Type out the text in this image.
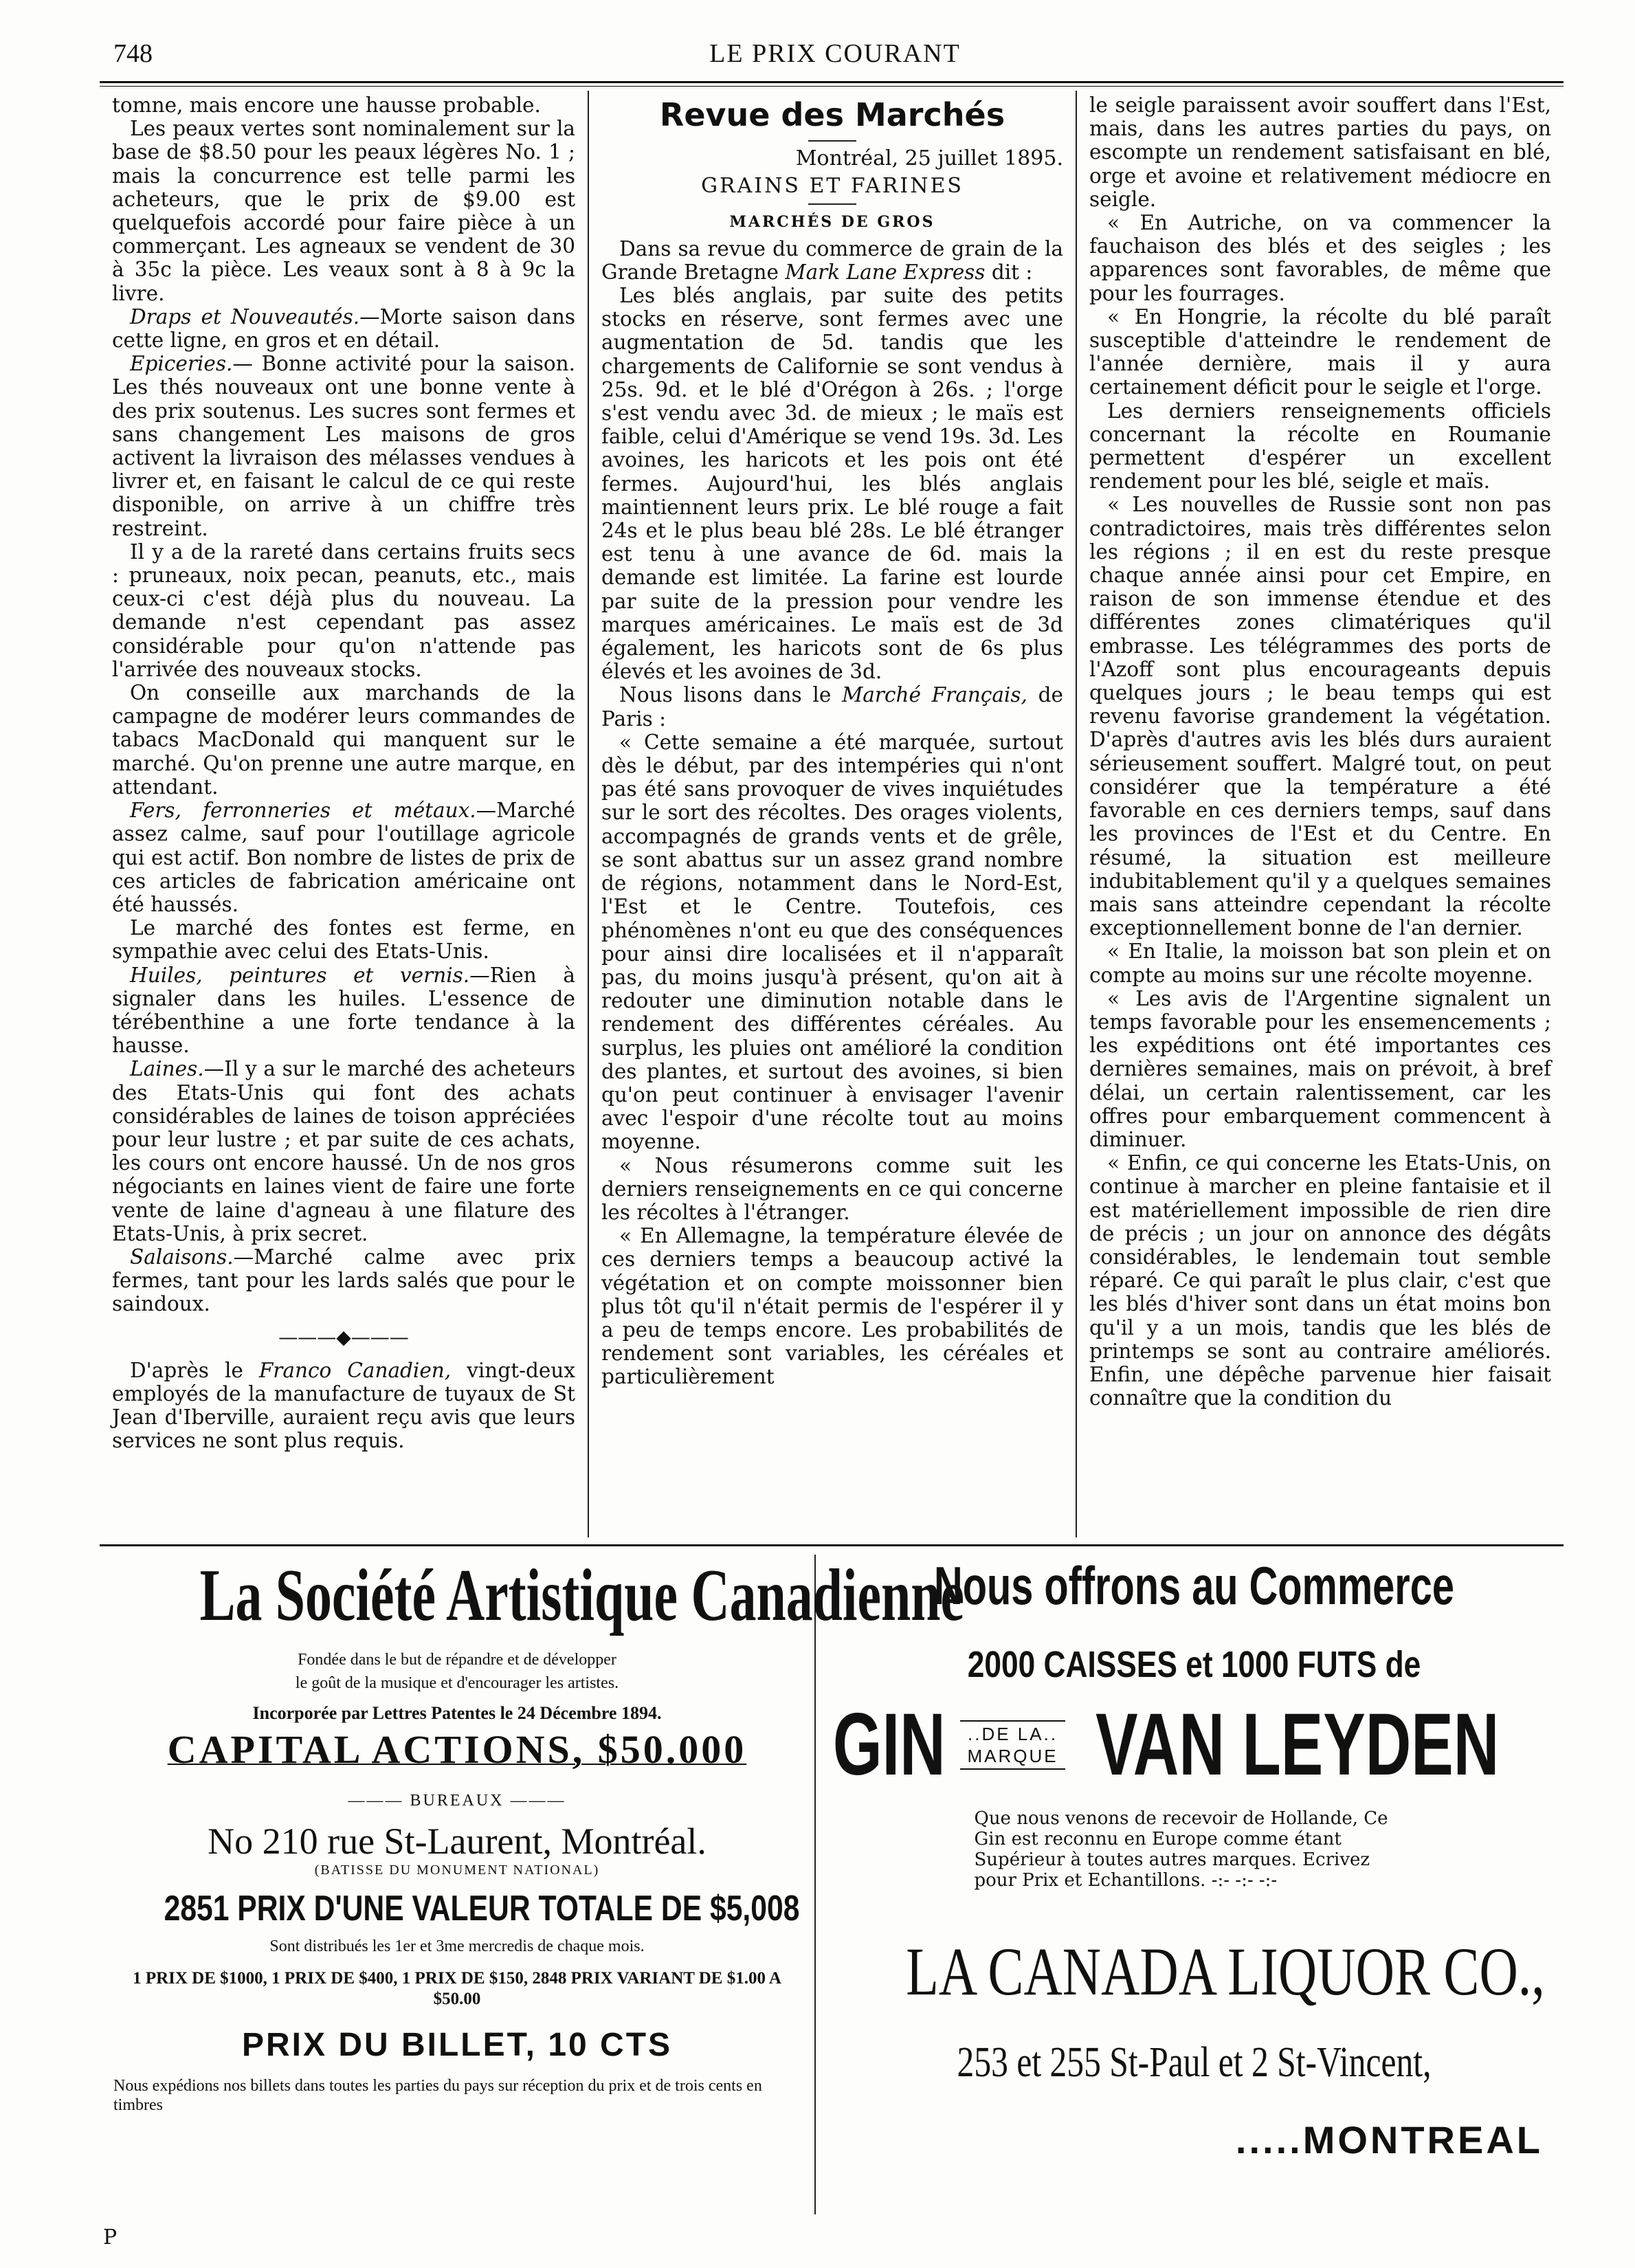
748	LE PRIX COURANT

tomne, mais encore une hausse probable.

Les peaux vertes sont nominalement sur la base de $8.50 pour les peaux légères No. 1 ; mais la concurrence est telle parmi les acheteurs, que le prix de $9.00 est quelquefois accordé pour faire pièce à un commerçant. Les agneaux se vendent de 30 à 35c la pièce. Les veaux sont à 8 à 9c la livre.

Draps et Nouveautés.—Morte saison dans cette ligne, en gros et en détail.

Epiceries.— Bonne activité pour la saison. Les thés nouveaux ont une bonne vente à des prix soutenus. Les sucres sont fermes et sans changement Les maisons de gros activent la livraison des mélasses vendues à livrer et, en faisant le calcul de ce qui reste disponible, on arrive à un chiffre très restreint.

Il y a de la rareté dans certains fruits secs : pruneaux, noix pecan, peanuts, etc., mais ceux-ci c'est déjà plus du nouveau. La demande n'est cependant pas assez considérable pour qu'on n'attende pas l'arrivée des nouveaux stocks.

On conseille aux marchands de la campagne de modérer leurs commandes de tabacs MacDonald qui manquent sur le marché. Qu'on prenne une autre marque, en attendant.

Fers, ferronneries et métaux.—Marché assez calme, sauf pour l'outillage agricole qui est actif. Bon nombre de listes de prix de ces articles de fabrication américaine ont été haussés.

Le marché des fontes est ferme, en sympathie avec celui des Etats-Unis.

Huiles, peintures et vernis.—Rien à signaler dans les huiles. L'essence de térébenthine a une forte tendance à la hausse.

Laines.—Il y a sur le marché des acheteurs des Etats-Unis qui font des achats considérables de laines de toison appréciées pour leur lustre ; et par suite de ces achats, les cours ont encore haussé. Un de nos gros négociants en laines vient de faire une forte vente de laine d'agneau à une filature des Etats-Unis, à prix secret.

Salaisons.—Marché calme avec prix fermes, tant pour les lards salés que pour le saindoux.

———◆———

D'après le Franco Canadien, vingt-deux employés de la manufacture de tuyaux de St Jean d'Iberville, auraient reçu avis que leurs services ne sont plus requis.

Revue des Marchés
Montréal, 25 juillet 1895.
GRAINS ET FARINES
MARCHÉS DE GROS

Dans sa revue du commerce de grain de la Grande Bretagne Mark Lane Express dit :

Les blés anglais, par suite des petits stocks en réserve, sont fermes avec une augmentation de 5d. tandis que les chargements de Californie se sont vendus à 25s. 9d. et le blé d'Orégon à 26s. ; l'orge s'est vendu avec 3d. de mieux ; le maïs est faible, celui d'Amérique se vend 19s. 3d. Les avoines, les haricots et les pois ont été fermes. Aujourd'hui, les blés anglais maintiennent leurs prix. Le blé rouge a fait 24s et le plus beau blé 28s. Le blé étranger est tenu à une avance de 6d. mais la demande est limitée. La farine est lourde par suite de la pression pour vendre les marques américaines. Le maïs est de 3d également, les haricots sont de 6s plus élevés et les avoines de 3d.

Nous lisons dans le Marché Français, de Paris :

« Cette semaine a été marquée, surtout dès le début, par des intempéries qui n'ont pas été sans provoquer de vives inquiétudes sur le sort des récoltes. Des orages violents, accompagnés de grands vents et de grêle, se sont abattus sur un assez grand nombre de régions, notamment dans le Nord-Est, l'Est et le Centre. Toutefois, ces phénomènes n'ont eu que des conséquences pour ainsi dire localisées et il n'apparaît pas, du moins jusqu'à présent, qu'on ait à redouter une diminution notable dans le rendement des différentes céréales. Au surplus, les pluies ont amélioré la condition des plantes, et surtout des avoines, si bien qu'on peut continuer à envisager l'avenir avec l'espoir d'une récolte tout au moins moyenne.

« Nous résumerons comme suit les derniers renseignements en ce qui concerne les récoltes à l'étranger.

« En Allemagne, la température élevée de ces derniers temps a beaucoup activé la végétation et on compte moissonner bien plus tôt qu'il n'était permis de l'espérer il y a peu de temps encore. Les probabilités de rendement sont variables, les céréales et particulièrement

le seigle paraissent avoir souffert dans l'Est, mais, dans les autres parties du pays, on escompte un rendement satisfaisant en blé, orge et avoine et relativement médiocre en seigle.

« En Autriche, on va commencer la fauchaison des blés et des seigles ; les apparences sont favorables, de même que pour les fourrages.

« En Hongrie, la récolte du blé paraît susceptible d'atteindre le rendement de l'année dernière, mais il y aura certainement déficit pour le seigle et l'orge.

Les derniers renseignements officiels concernant la récolte en Roumanie permettent d'espérer un excellent rendement pour les blé, seigle et maïs.

« Les nouvelles de Russie sont non pas contradictoires, mais très différentes selon les régions ; il en est du reste presque chaque année ainsi pour cet Empire, en raison de son immense étendue et des différentes zones climatériques qu'il embrasse. Les télégrammes des ports de l'Azoff sont plus encourageants depuis quelques jours ; le beau temps qui est revenu favorise grandement la végétation. D'après d'autres avis les blés durs auraient sérieusement souffert. Malgré tout, on peut considérer que la température a été favorable en ces derniers temps, sauf dans les provinces de l'Est et du Centre. En résumé, la situation est meilleure indubitablement qu'il y a quelques semaines mais sans atteindre cependant la récolte exceptionnellement bonne de l'an dernier.

« En Italie, la moisson bat son plein et on compte au moins sur une récolte moyenne.

« Les avis de l'Argentine signalent un temps favorable pour les ensemencements ; les expéditions ont été importantes ces dernières semaines, mais on prévoit, à bref délai, un certain ralentissement, car les offres pour embarquement commencent à diminuer.

« Enfin, ce qui concerne les Etats-Unis, on continue à marcher en pleine fantaisie et il est matériellement impossible de rien dire de précis ; un jour on annonce des dégâts considérables, le lendemain tout semble réparé. Ce qui paraît le plus clair, c'est que les blés d'hiver sont dans un état moins bon qu'il y a un mois, tandis que les blés de printemps se sont au contraire améliorés. Enfin, une dépêche parvenue hier faisait connaître que la condition du

La Société Artistique Canadienne
Fondée dans le but de répandre et de développer
le goût de la musique et d'encourager les artistes.
Incorporée par Lettres Patentes le 24 Décembre 1894.
CAPITAL ACTIONS, $50.000
——— BUREAUX ———
No 210 rue St-Laurent, Montréal.
(BATISSE DU MONUMENT NATIONAL)
2851 PRIX D'UNE VALEUR TOTALE DE $5,008
Sont distribués les 1er et 3me mercredis de chaque mois.
1 PRIX DE $1000, 1 PRIX DE $400, 1 PRIX DE $150, 2848 PRIX VARIANT DE $1.00 A $50.00
PRIX DU BILLET, 10 CTS
Nous expédions nos billets dans toutes les parties du pays sur réception du prix et de trois cents en timbres
Nous offrons au Commerce
2000 CAISSES et 1000 FUTS de
GIN ..DE LA..
MARQUE VAN LEYDEN
Que nous venons de recevoir de Hollande, Ce Gin est reconnu en Europe comme étant Supérieur à toutes autres marques. Ecrivez pour Prix et Echantillons. -:- -:- -:-
LA CANADA LIQUOR CO.,
253 et 255 St-Paul et 2 St-Vincent,
.....MONTREAL
P
